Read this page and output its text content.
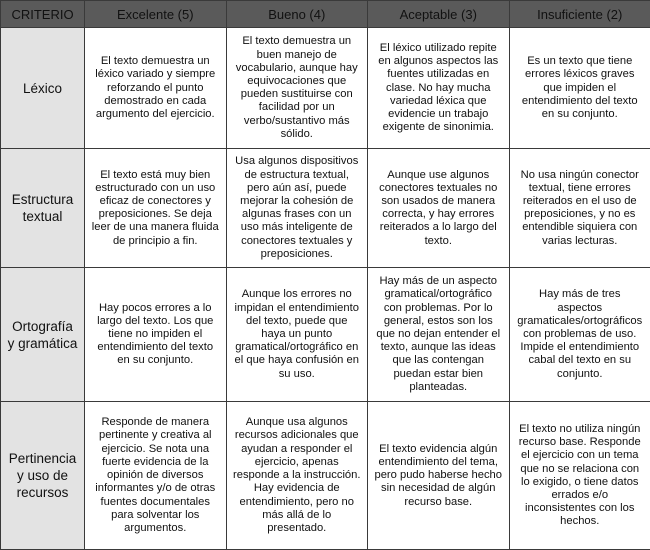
CRITERIO	Excelente (5)	Bueno (4)	Aceptable (3)	Insuficiente (2)
Léxico	El texto demuestra un léxico variado y siempre reforzando el punto demostrado en cada argumento del ejercicio.	El texto demuestra un buen manejo de vocabulario, aunque hay equivocaciones que pueden sustituirse con facilidad por un verbo/sustantivo más sólido.	El léxico utilizado repite en algunos aspectos las fuentes utilizadas en clase. No hay mucha variedad léxica que evidencie un trabajo exigente de sinonimia.	Es un texto que tiene errores léxicos graves que impiden el entendimiento del texto en su conjunto.
Estructura textual	El texto está muy bien estructurado con un uso eficaz de conectores y preposiciones. Se deja leer de una manera fluida de principio a fin.	Usa algunos dispositivos de estructura textual, pero aún así, puede mejorar la cohesión de algunas frases con un uso más inteligente de conectores textuales y preposiciones.	Aunque use algunos conectores textuales no son usados de manera correcta, y hay errores reiterados a lo largo del texto.	No usa ningún conector textual, tiene errores reiterados en el uso de preposiciones, y no es entendible siquiera con varias lecturas.
Ortografía y gramática	Hay pocos errores a lo largo del texto. Los que tiene no impiden el entendimiento del texto en su conjunto.	Aunque los errores no impidan el entendimiento del texto, puede que haya un punto gramatical/ortográfico en el que haya confusión en su uso.	Hay más de un aspecto gramatical/ortográfico con problemas. Por lo general, estos son los que no dejan entender el texto, aunque las ideas que las contengan puedan estar bien planteadas.	Hay más de tres aspectos gramaticales/ortográficos con problemas de uso. Impide el entendimiento cabal del texto en su conjunto.
Pertinencia y uso de recursos	Responde de manera pertinente y creativa al ejercicio. Se nota una fuerte evidencia de la opinión de diversos informantes y/o de otras fuentes documentales para solventar los argumentos.	Aunque usa algunos recursos adicionales que ayudan a responder el ejercicio, apenas responde a la instrucción. Hay evidencia de entendimiento, pero no más allá de lo presentado.	El texto evidencia algún entendimiento del tema, pero pudo haberse hecho sin necesidad de algún recurso base.	El texto no utiliza ningún recurso base. Responde el ejercicio con un tema que no se relaciona con lo exigido, o tiene datos errados e/o inconsistentes con los hechos.
